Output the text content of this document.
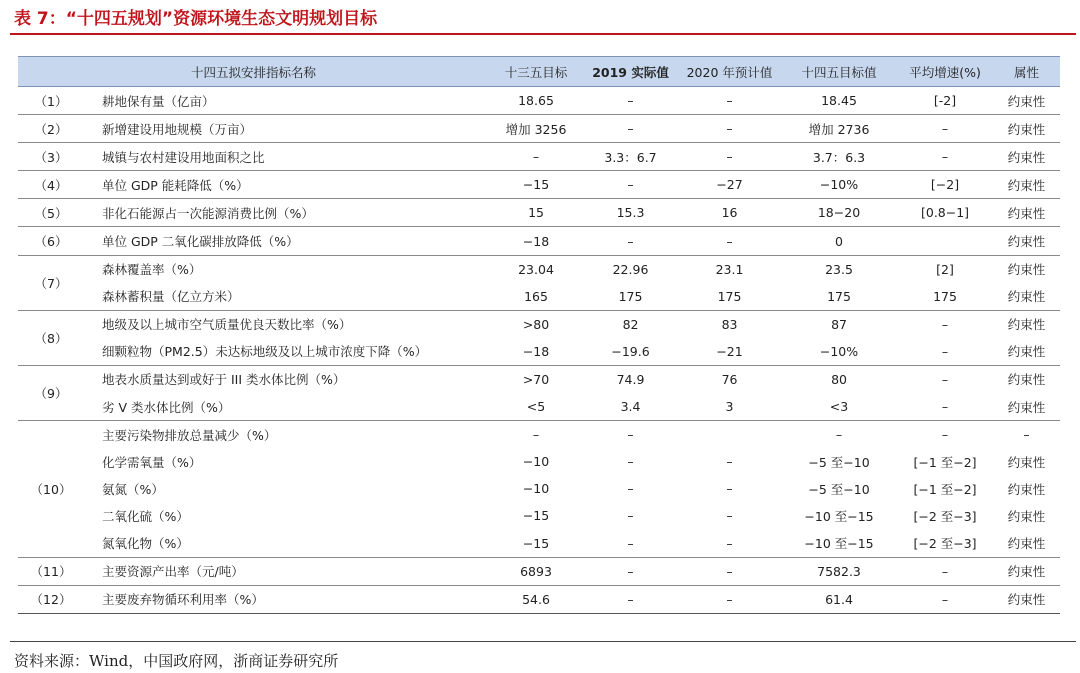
表 7：“十四五规划”资源环境生态文明规划目标
十四五拟安排指标名称		十三五目标	2019 实际值	2020 年预计值	十四五目标值	平均增速(%)	属性
（1）	耕地保有量（亿亩）	18.65	–	–	18.45	[-2]	约束性
（2）	新增建设用地规模（万亩）	增加 3256	–	–	增加 2736	–	约束性
（3）	城镇与农村建设用地面积之比	–	3.3：6.7	–	3.7：6.3	–	约束性
（4）	单位 GDP 能耗降低（%）	−15	–	−27	−10%	[−2]	约束性
（5）	非化石能源占一次能源消费比例（%）	15	15.3	16	18−20	[0.8−1]	约束性
（6）	单位 GDP 二氧化碳排放降低（%）	−18	–	–	0		约束性
（7）	森林覆盖率（%）	23.04	22.96	23.1	23.5	[2]	约束性
	森林蓄积量（亿立方米）	165	175	175	175	175	约束性
（8）	地级及以上城市空气质量优良天数比率（%）	>80	82	83	87	–	约束性
	细颗粒物（PM2.5）未达标地级及以上城市浓度下降（%）	−18	−19.6	−21	−10%	–	约束性
（9）	地表水质量达到或好于 III 类水体比例（%）	>70	74.9	76	80	–	约束性
	劣 V 类水体比例（%）	<5	3.4	3	<3	–	约束性
（10）	主要污染物排放总量减少（%）	–	–		–	–	–
	化学需氧量（%）	−10	–	–	−5 至−10	[−1 至−2]	约束性
	氨氮（%）	−10	–	–	−5 至−10	[−1 至−2]	约束性
	二氧化硫（%）	−15	–	–	−10 至−15	[−2 至−3]	约束性
	氮氧化物（%）	−15	–	–	−10 至−15	[−2 至−3]	约束性
（11）	主要资源产出率（元/吨）	6893	–	–	7582.3	–	约束性
（12）	主要废弃物循环利用率（%）	54.6	–	–	61.4	–	约束性
资料来源：Wind，中国政府网，浙商证券研究所
